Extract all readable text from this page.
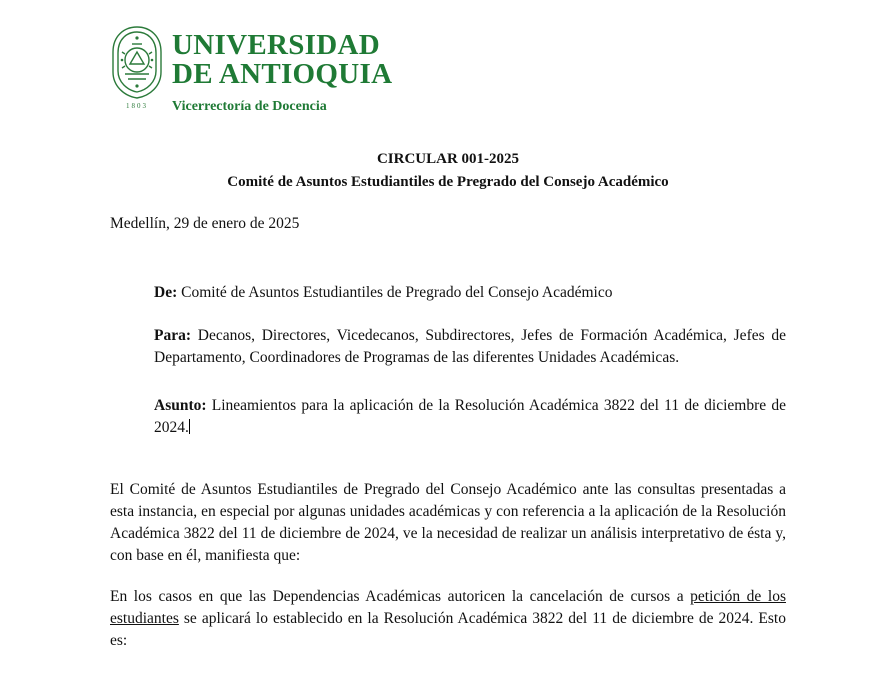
1803
UNIVERSIDAD
DE ANTIOQUIA
Vicerrectoría de Docencia
CIRCULAR 001-2025
Comité de Asuntos Estudiantiles de Pregrado del Consejo Académico
Medellín, 29 de enero de 2025
De: Comité de Asuntos Estudiantiles de Pregrado del Consejo Académico
Para: Decanos, Directores, Vicedecanos, Subdirectores, Jefes de Formación Académica, Jefes de Departamento, Coordinadores de Programas de las diferentes Unidades Académicas.
Asunto: Lineamientos para la aplicación de la Resolución Académica 3822 del 11 de diciembre de 2024.
El Comité de Asuntos Estudiantiles de Pregrado del Consejo Académico ante las consultas presentadas a esta instancia, en especial por algunas unidades académicas y con referencia a la aplicación de la Resolución Académica 3822 del 11 de diciembre de 2024, ve la necesidad de realizar un análisis interpretativo de ésta y, con base en él, manifiesta que:
En los casos en que las Dependencias Académicas autoricen la cancelación de cursos a petición de los estudiantes se aplicará lo establecido en la Resolución Académica 3822 del 11 de diciembre de 2024. Esto es:
